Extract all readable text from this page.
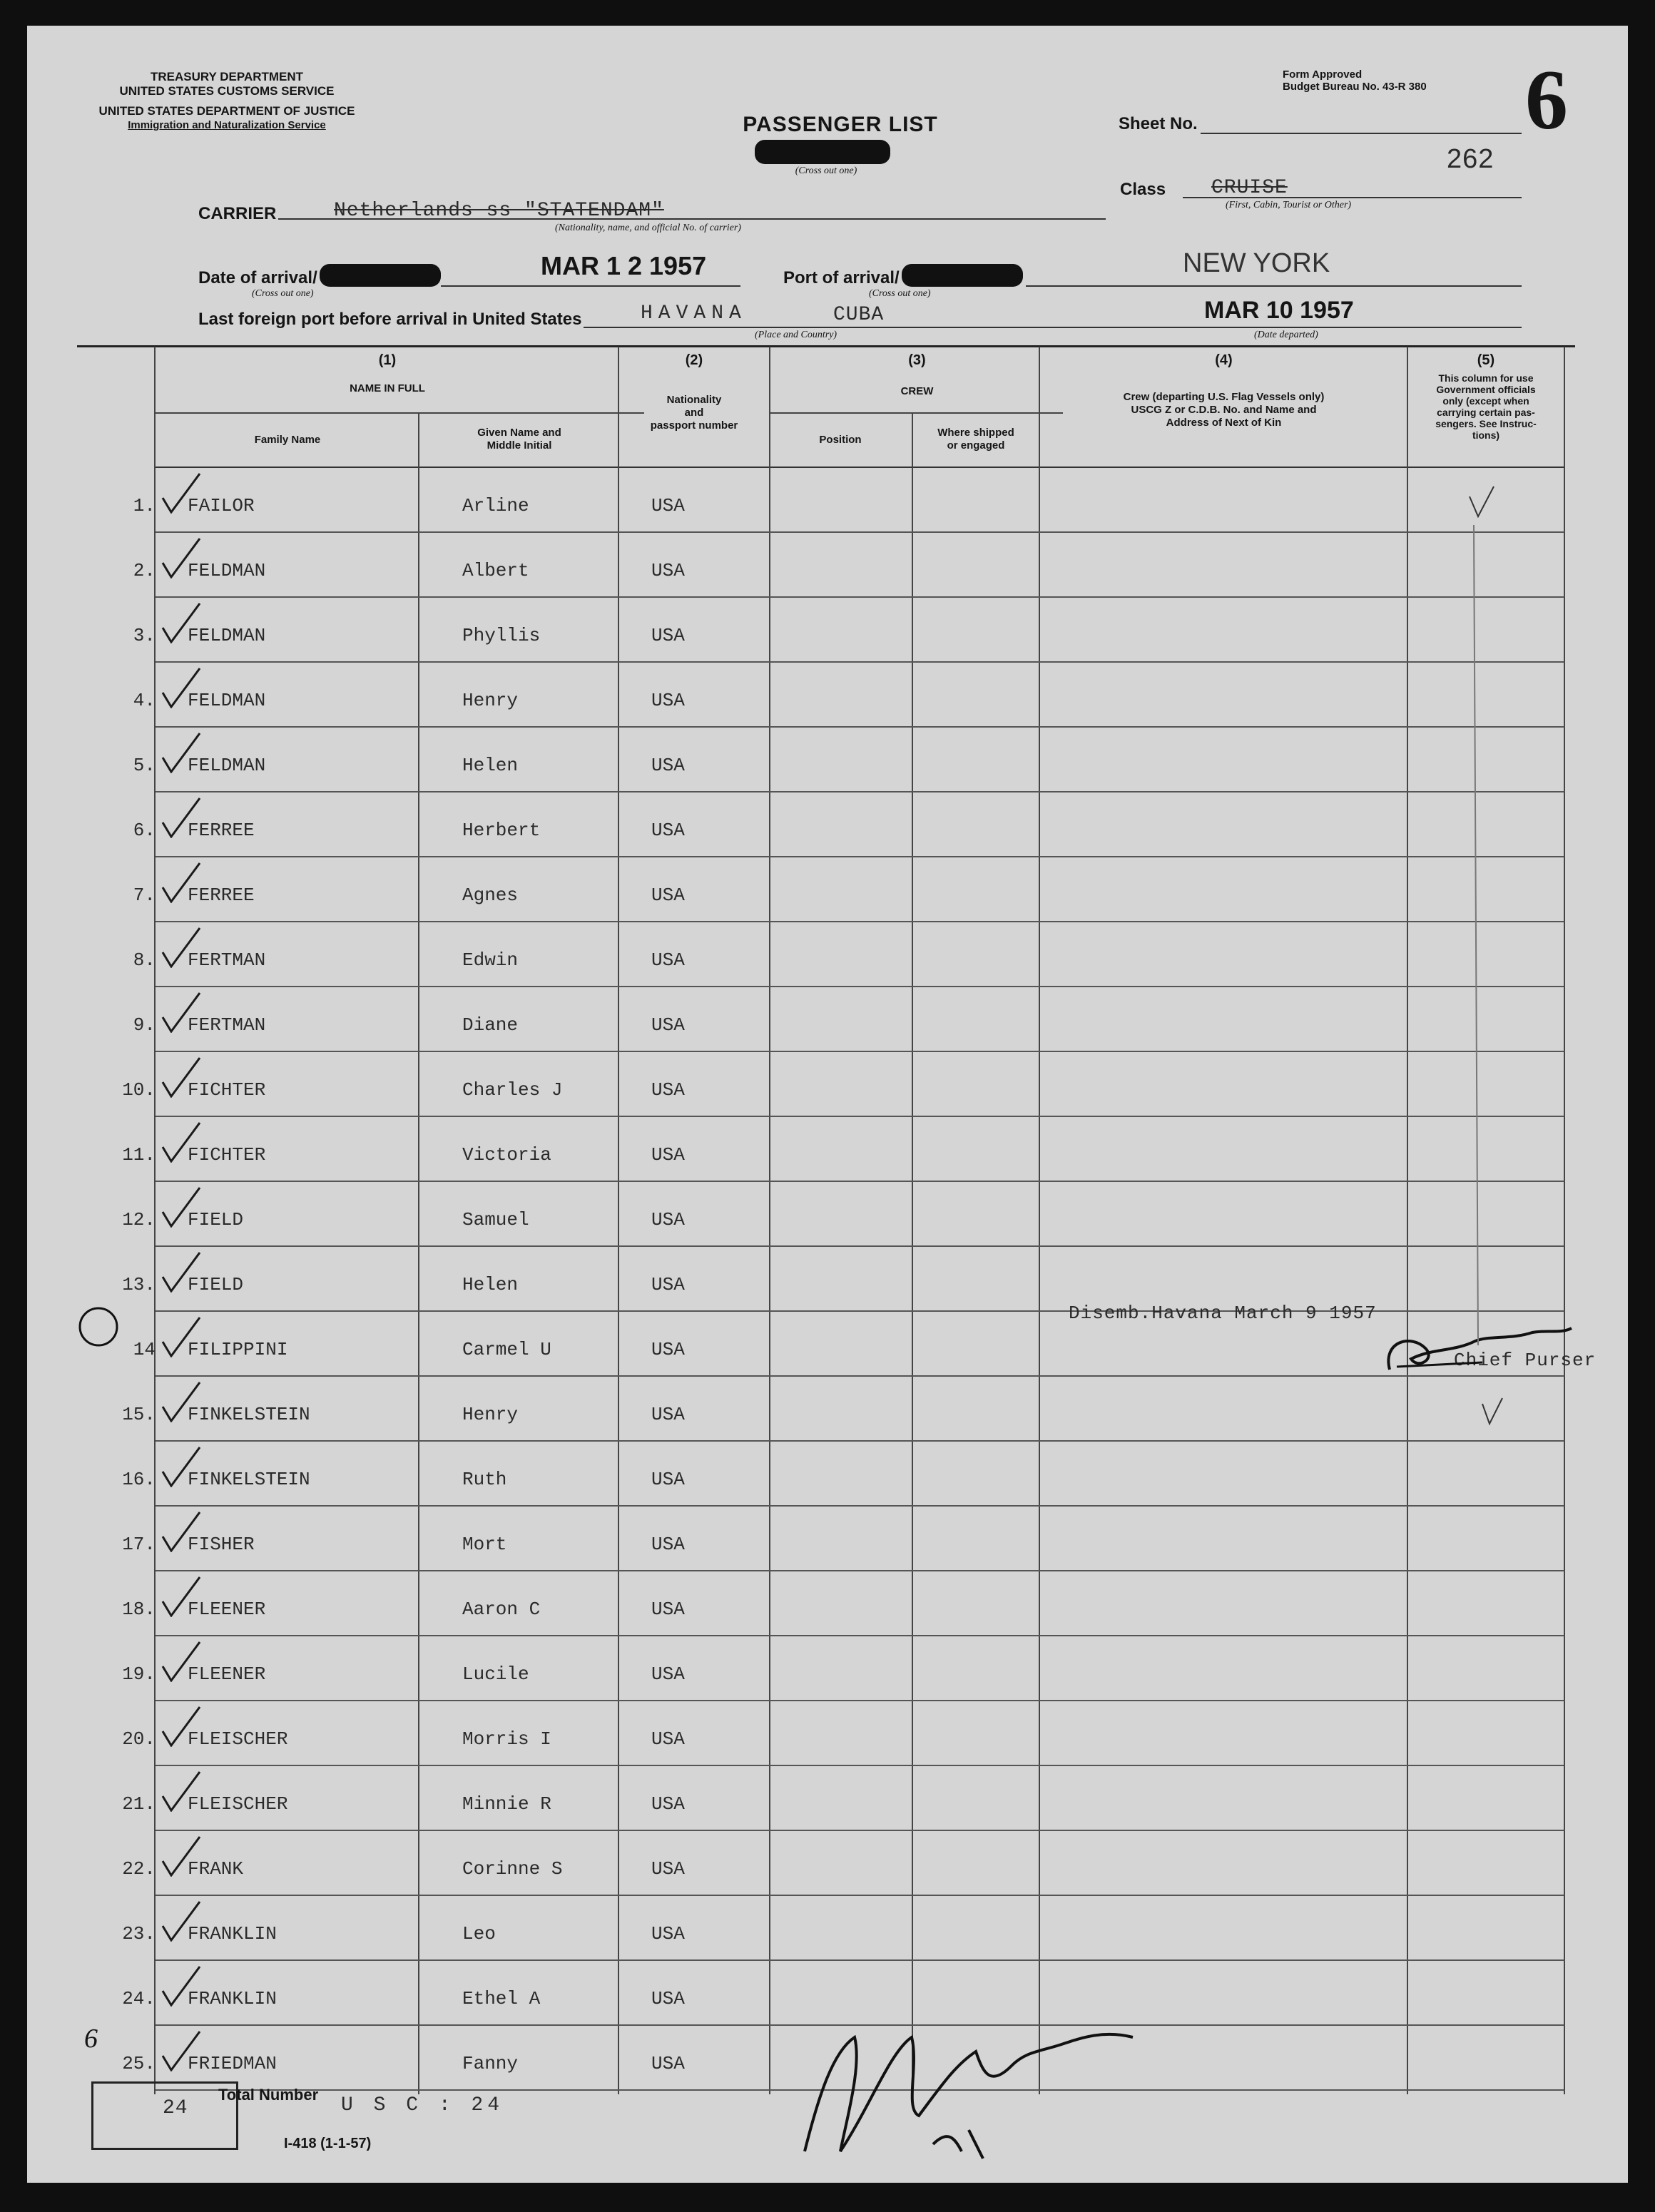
TREASURY DEPARTMENT
UNITED STATES CUSTOMS SERVICE
UNITED STATES DEPARTMENT OF JUSTICE
Immigration and Naturalization Service	PASSENGER LIST
(Cross out one)
Form Approved
Budget Bureau No. 43-R 380	6
Sheet No.
262
Class CRUISE
(First, Cabin, Tourist or Other)
CARRIER	Netherlands ss "STATENDAM"
(Nationality, name, and official No. of carrier)
Date of arrival/	MAR 1 2 1957
(Cross out one)
Port of arrival/	NEW YORK
(Cross out one)
Last foreign port before arrival in United States	HAVANA	CUBA
(Place and Country)
MAR 10 1957
(Date departed)
(1)
NAME IN FULL
Family Name
Given Name and
Middle Initial
(2)
Nationality
and
passport number
(3)
CREW
Position
Where shipped
or engaged
(4)
Crew (departing U.S. Flag Vessels only)
USCG Z or C.D.B. No. and Name and
Address of Next of Kin
(5)
This column for use
Government officials
only (except when
carrying certain pas-
sengers. See Instruc-
tions)
1. FAILOR	Arline	USA
2. FELDMAN	Albert	USA
3. FELDMAN	Phyllis	USA
4. FELDMAN	Henry	USA
5. FELDMAN	Helen	USA
6. FERREE	Herbert	USA
7. FERREE	Agnes	USA
8. FERTMAN	Edwin	USA
9. FERTMAN	Diane	USA
10. FICHTER	Charles J	USA
11. FICHTER	Victoria	USA
12. FIELD	Samuel	USA
13. FIELD	Helen	USA
14 FILIPPINI	Carmel U	USA
15. FINKELSTEIN	Henry	USA
16. FINKELSTEIN	Ruth	USA
17. FISHER	Mort	USA
18. FLEENER	Aaron C	USA
19. FLEENER	Lucile	USA
20. FLEISCHER	Morris I	USA
21. FLEISCHER	Minnie R	USA
22. FRANK	Corinne S	USA
23. FRANKLIN	Leo	USA
24. FRANKLIN	Ethel A	USA
25. FRIEDMAN	Fanny	USA
Disemb.Havana March 9 1957
Chief Purser
24
Total Number U S C : 24
I-418 (1-1-57)
6
